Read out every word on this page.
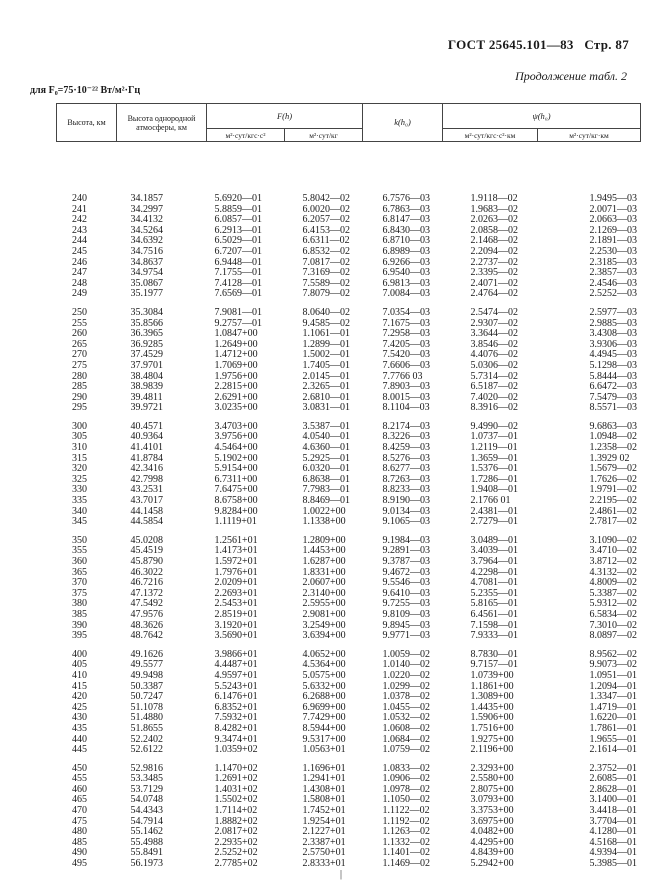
ГОСТ 25645.101—83 Стр. 87
Продолжение табл. 2
для F₀=75·10⁻²² Вт/м²·Гц
Высота, км	Высота однородной атмосферы, км	F(h)		k(h₀)	ψ(h₀)	
		м²·сут/кгс·с²	м²·сут/кг		м²·сут/кгс·с²·км	м²·сут/кг·км
240	34.1857	5.6920—01	5.8042—02	6.7576—03	1.9118—02	1.9495—03
241	34.2997	5.8859—01	6.0020—02	6.7863—03	1.9683—02	2.0071—03
242	34.4132	6.0857—01	6.2057—02	6.8147—03	2.0263—02	2.0663—03
243	34.5264	6.2913—01	6.4153—02	6.8430—03	2.0858—02	2.1269—03
244	34.6392	6.5029—01	6.6311—02	6.8710—03	2.1468—02	2.1891—03
245	34.7516	6.7207—01	6.8532—02	6.8989—03	2.2094—02	2.2530—03
246	34.8637	6.9448—01	7.0817—02	6.9266—03	2.2737—02	2.3185—03
247	34.9754	7.1755—01	7.3169—02	6.9540—03	2.3395—02	2.3857—03
248	35.0867	7.4128—01	7.5589—02	6.9813—03	2.4071—02	2.4546—03
249	35.1977	7.6569—01	7.8079—02	7.0084—03	2.4764—02	2.5252—03

250	35.3084	7.9081—01	8.0640—02	7.0354—03	2.5474—02	2.5977—03
255	35.8566	9.2757—01	9.4585—02	7.1675—03	2.9307—02	2.9885—03
260	36.3965	1.0847+00	1.1061—01	7.2958—03	3.3644—02	3.4308—03
265	36.9285	1.2649+00	1.2899—01	7.4205—03	3.8546—02	3.9306—03
270	37.4529	1.4712+00	1.5002—01	7.5420—03	4.4076—02	4.4945—03
275	37.9701	1.7069+00	1.7405—01	7.6606—03	5.0306—02	5.1298—03
280	38.4804	1.9756+00	2.0145—01	7.7766 03	5.7314—02	5.8444—03
285	38.9839	2.2815+00	2.3265—01	7.8903—03	6.5187—02	6.6472—03
290	39.4811	2.6291+00	2.6810—01	8.0015—03	7.4020—02	7.5479—03
295	39.9721	3.0235+00	3.0831—01	8.1104—03	8.3916—02	8.5571—03

300	40.4571	3.4703+00	3.5387—01	8.2174—03	9.4990—02	9.6863—03
305	40.9364	3.9756+00	4.0540—01	8.3226—03	1.0737—01	1.0948—02
310	41.4101	4.5464+00	4.6360—01	8.4259—03	1.2119—01	1.2358—02
315	41.8784	5.1902+00	5.2925—01	8.5276—03	1.3659—01	1.3929 02
320	42.3416	5.9154+00	6.0320—01	8.6277—03	1.5376—01	1.5679—02
325	42.7998	6.7311+00	6.8638—01	8.7263—03	1.7286—01	1.7626—02
330	43.2531	7.6475+00	7.7983—01	8.8233—03	1.9408—01	1.9791—02
335	43.7017	8.6758+00	8.8469—01	8.9190—03	2.1766 01	2.2195—02
340	44.1458	9.8284+00	1.0022+00	9.0134—03	2.4381—01	2.4861—02
345	44.5854	1.1119+01	1.1338+00	9.1065—03	2.7279—01	2.7817—02

350	45.0208	1.2561+01	1.2809+00	9.1984—03	3.0489—01	3.1090—02
355	45.4519	1.4173+01	1.4453+00	9.2891—03	3.4039—01	3.4710—02
360	45.8790	1.5972+01	1.6287+00	9.3787—03	3.7964—01	3.8712—02
365	46.3022	1.7976+01	1.8331+00	9.4672—03	4.2298—01	4.3132—02
370	46.7216	2.0209+01	2.0607+00	9.5546—03	4.7081—01	4.8009—02
375	47.1372	2.2693+01	2.3140+00	9.6410—03	5.2355—01	5.3387—02
380	47.5492	2.5453+01	2.5955+00	9.7255—03	5.8165—01	5.9312—02
385	47.9576	2.8519+01	2.9081+00	9.8109—03	6.4561—01	6.5834—02
390	48.3626	3.1920+01	3.2549+00	9.8945—03	7.1598—01	7.3010—02
395	48.7642	3.5690+01	3.6394+00	9.9771—03	7.9333—01	8.0897—02

400	49.1626	3.9866+01	4.0652+00	1.0059—02	8.7830—01	8.9562—02
405	49.5577	4.4487+01	4.5364+00	1.0140—02	9.7157—01	9.9073—02
410	49.9498	4.9597+01	5.0575+00	1.0220—02	1.0739+00	1.0951—01
415	50.3387	5.5243+01	5.6332+00	1.0299—02	1.1861+00	1.2094—01
420	50.7247	6.1476+01	6.2688+00	1.0378—02	1.3089+00	1.3347—01
425	51.1078	6.8352+01	6.9699+00	1.0455—02	1.4435+00	1.4719—01
430	51.4880	7.5932+01	7.7429+00	1.0532—02	1.5906+00	1.6220—01
435	51.8655	8.4282+01	8.5944+00	1.0608—02	1.7516+00	1.7861—01
440	52.2402	9.3474+01	9.5317+00	1.0684—02	1.9275+00	1.9655—01
445	52.6122	1.0359+02	1.0563+01	1.0759—02	2.1196+00	2.1614—01

450	52.9816	1.1470+02	1.1696+01	1.0833—02	2.3293+00	2.3752—01
455	53.3485	1.2691+02	1.2941+01	1.0906—02	2.5580+00	2.6085—01
460	53.7129	1.4031+02	1.4308+01	1.0978—02	2.8075+00	2.8628—01
465	54.0748	1.5502+02	1.5808+01	1.1050—02	3.0793+00	3.1400—01
470	54.4343	1.7114+02	1.7452+01	1.1122—02	3.3753+00	3.4418—01
475	54.7914	1.8882+02	1.9254+01	1.1192—02	3.6975+00	3.7704—01
480	55.1462	2.0817+02	2.1227+01	1.1263—02	4.0482+00	4.1280—01
485	55.4988	2.2935+02	2.3387+01	1.1332—02	4.4295+00	4.5168—01
490	55.8491	2.5252+02	2.5750+01	1.1401—02	4.8439+00	4.9394—01
495	56.1973	2.7785+02	2.8333+01	1.1469—02	5.2942+00	5.3985—01
|
